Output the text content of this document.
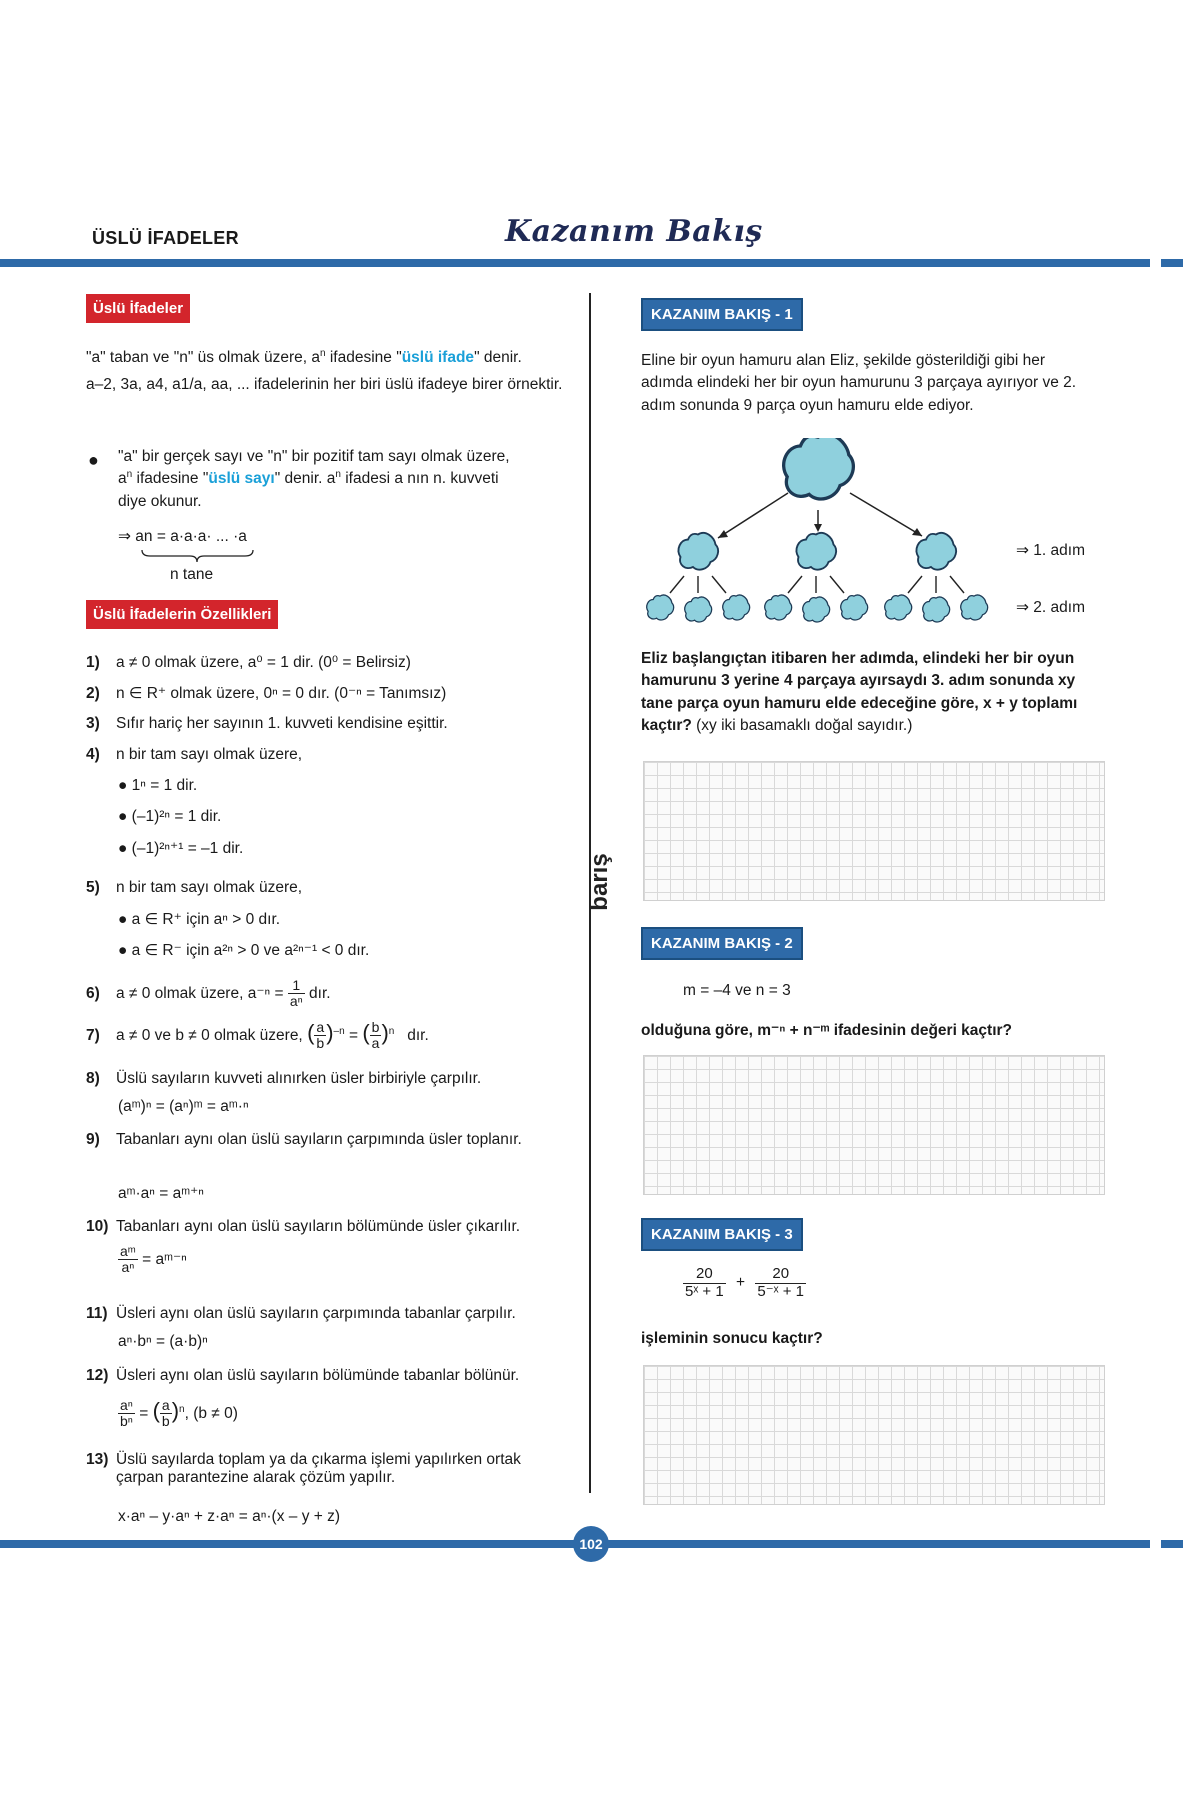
ÜSLÜ İFADELER	Kazanım Bakış
barış
Üslü İfadeler
"a" taban ve "n" üs olmak üzere, $a^n$ ifadesine "üslü ifade" denir.
a–2, 3a, a4, a1/a, aa, ... ifadelerinin her biri üslü ifadeye birer örnektir.
● "a" bir gerçek sayı ve "n" bir pozitif tam sayı olmak üzere,
$a^n$ ifadesine "üslü sayı" denir. $a^n$ ifadesi a nın n. kuvveti
diye okunur.
⇒ an = a·a·a· ... ·a
n tane
Üslü İfadelerin Özellikleri
1) a ≠ 0 olmak üzere, a⁰ = 1 dir. (0⁰ = Belirsiz)
2) n ∈ R⁺ olmak üzere, 0ⁿ = 0 dır. (0⁻ⁿ = Tanımsız)
3) Sıfır hariç her sayının 1. kuvveti kendisine eşittir.
4) n bir tam sayı olmak üzere,
● 1ⁿ = 1 dir.
● (–1)²ⁿ = 1 dir.
● (–1)²ⁿ⁺¹ = –1 dir.
5) n bir tam sayı olmak üzere,
● a ∈ R⁺ için aⁿ > 0 dır.
● a ∈ R⁻ için a²ⁿ > 0 ve a²ⁿ⁻¹ < 0 dır.
6) a ≠ 0 olmak üzere, $a^{-n} = \frac{1}{\text{aⁿ}}$ dır.
7) a ≠ 0 ve b ≠ 0 olmak üzere, ( $\frac{a}{b} )^{-n}$ = ( $\frac{b}{a} )^n$ dır.
8) Üslü sayıların kuvveti alınırken üsler birbiriyle çarpılır.
(aᵐ)ⁿ = (aⁿ)ᵐ = aᵐ·ⁿ
9) Tabanları aynı olan üslü sayıların çarpımında üsler toplanır.
aᵐ·aⁿ = aᵐ⁺ⁿ
10) Tabanları aynı olan üslü sayıların bölümünde üsler çıkarılır.
$\frac{\text{aᵐ}}{\text{aⁿ}}$ = aᵐ⁻ⁿ
11) Üsleri aynı olan üslü sayıların çarpımında tabanlar çarpılır.
aⁿ·bⁿ = (a·b)ⁿ
12) Üsleri aynı olan üslü sayıların bölümünde tabanlar bölünür.
$\frac{\text{aⁿ}}{\text{bⁿ}}$ = ( $\frac{a}{b} )^n$, (b ≠ 0)
13) Üslü sayılarda toplam ya da çıkarma işlemi yapılırken ortak çarpan parantezine alarak çözüm yapılır.
x·aⁿ – y·aⁿ + z·aⁿ = aⁿ·(x – y + z)
KAZANIM BAKIŞ - 1
Eline bir oyun hamuru alan Eliz, şekilde gösterildiği gibi her adımda elindeki her bir oyun hamurunu 3 parçaya ayırıyor ve 2. adım sonunda 9 parça oyun hamuru elde ediyor.
⇒ 1. adım
⇒ 2. adım
Eliz başlangıçtan itibaren her adımda, elindeki her bir oyun hamurunu 3 yerine 4 parçaya ayırsaydı 3. adım sonunda xy tane parça oyun hamuru elde edeceğine göre, x + y toplamı kaçtır? (xy iki basamaklı doğal sayıdır.)
KAZANIM BAKIŞ - 2
m = –4 ve n = 3
olduğuna göre, m⁻ⁿ + n⁻ᵐ ifadesinin değeri kaçtır?
KAZANIM BAKIŞ - 3
$\frac{20}{\text{5ˣ + 1}} + \frac{20}{\text{5⁻ˣ + 1}}$
işleminin sonucu kaçtır?
102
